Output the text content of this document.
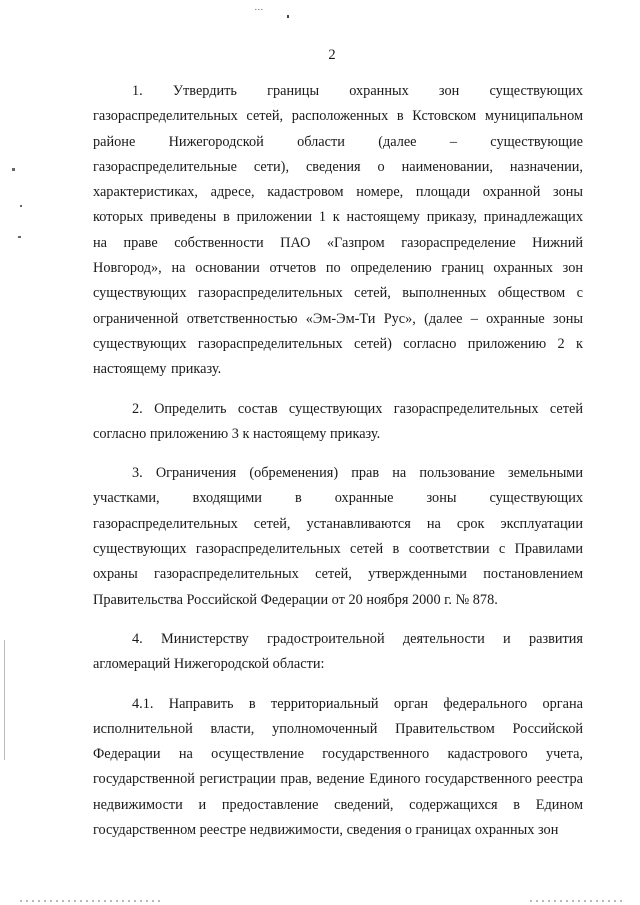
…
2

1. Утвердить границы охранных зон существующих газораспределительных сетей, расположенных в Кстовском муниципальном районе Нижегородской области (далее – существующие газораспределительные сети), сведения о наименовании, назначении, характеристиках, адресе, кадастровом номере, площади охранной зоны которых приведены в приложении 1 к настоящему приказу, принадлежащих на праве собственности ПАО «Газпром газораспределение Нижний Новгород», на основании отчетов по определению границ охранных зон существующих газораспределительных сетей, выполненных обществом с ограниченной ответственностью «Эм-Эм-Ти Рус», (далее – охранные зоны существующих газораспределительных сетей) согласно приложению 2 к настоящему приказу.

2. Определить состав существующих газораспределительных сетей согласно приложению 3 к настоящему приказу.

3. Ограничения (обременения) прав на пользование земельными участками, входящими в охранные зоны существующих газораспределительных сетей, устанавливаются на срок эксплуатации существующих газораспределительных сетей в соответствии с Правилами охраны газораспределительных сетей, утвержденными постановлением Правительства Российской Федерации от 20 ноября 2000 г. № 878.

4. Министерству градостроительной деятельности и развития агломераций Нижегородской области:

4.1. Направить в территориальный орган федерального органа исполнительной власти, уполномоченный Правительством Российской Федерации на осуществление государственного кадастрового учета, государственной регистрации прав, ведение Единого государственного реестра недвижимости и предоставление сведений, содержащихся в Едином государственном реестре недвижимости, сведения о границах охранных зон
